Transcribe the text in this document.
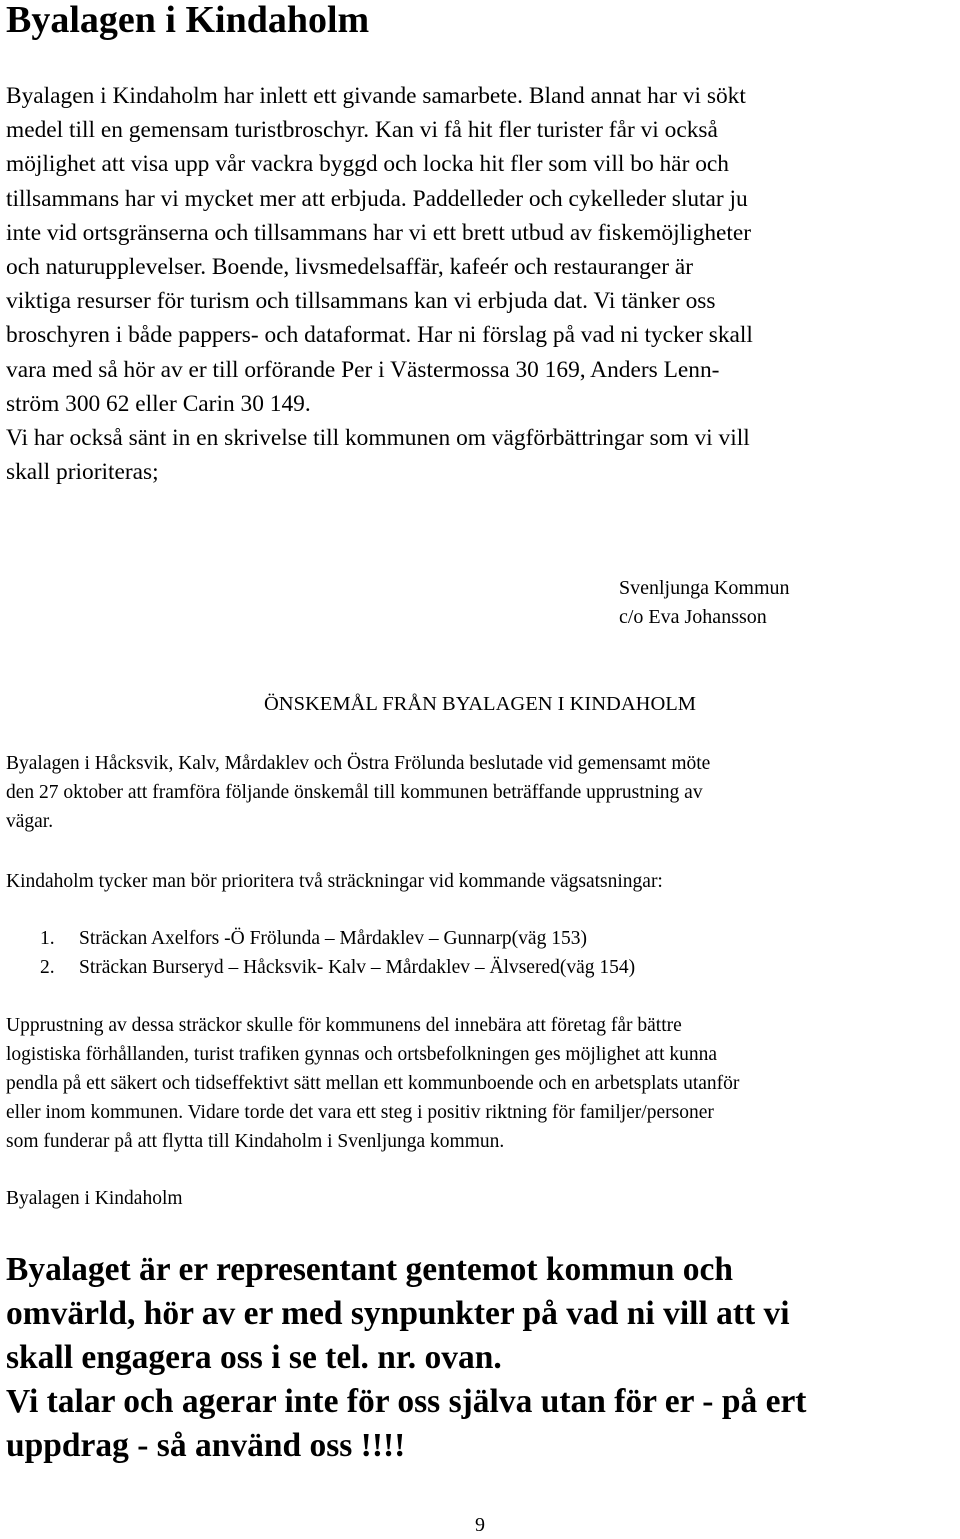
Byalagen i Kindaholm

Byalagen i Kindaholm har inlett ett givande samarbete. Bland annat har vi sökt
medel till en gemensam turistbroschyr. Kan vi få hit fler turister får vi också
möjlighet att visa upp vår vackra byggd och locka hit fler som vill bo här och
tillsammans har vi mycket mer att erbjuda. Paddelleder och cykelleder slutar ju
inte vid ortsgränserna och tillsammans har vi ett brett utbud av fiskemöjligheter
och naturupplevelser. Boende, livsmedelsaffär, kafeér och restauranger är
viktiga resurser för turism och tillsammans kan vi erbjuda dat. Vi tänker oss
broschyren i både pappers- och dataformat. Har ni förslag på vad ni tycker skall
vara med så hör av er till orförande Per i Västermossa 30 169, Anders Lenn-
ström 300 62 eller Carin 30 149.
Vi har också sänt in en skrivelse till kommunen om vägförbättringar som vi vill
skall prioriteras;

Svenljunga Kommun

c/o Eva Johansson

ÖNSKEMÅL FRÅN BYALAGEN I KINDAHOLM

Byalagen i Håcksvik, Kalv, Mårdaklev och Östra Frölunda beslutade vid gemensamt möte
den 27 oktober att framföra följande önskemål till kommunen beträffande upprustning av
vägar.

Kindaholm tycker man bör prioritera två sträckningar vid kommande vägsatsningar:

1. Sträckan Axelfors -Ö Frölunda – Mårdaklev – Gunnarp(väg 153)
2. Sträckan Burseryd – Håcksvik- Kalv – Mårdaklev – Älvsered(väg 154)

Upprustning av dessa sträckor skulle för kommunens del innebära att företag får bättre
logistiska förhållanden, turist trafiken gynnas och ortsbefolkningen ges möjlighet att kunna
pendla på ett säkert och tidseffektivt sätt mellan ett kommunboende och en arbetsplats utanför
eller inom kommunen. Vidare torde det vara ett steg i positiv riktning för familjer/personer
som funderar på att flytta till Kindaholm i Svenljunga kommun.

Byalagen i Kindaholm

Byalaget är er representant gentemot kommun och
omvärld, hör av er med synpunkter på vad ni vill att vi
skall engagera oss i se tel. nr. ovan.
Vi talar och agerar inte för oss själva utan för er - på ert
uppdrag - så använd oss !!!!

9
